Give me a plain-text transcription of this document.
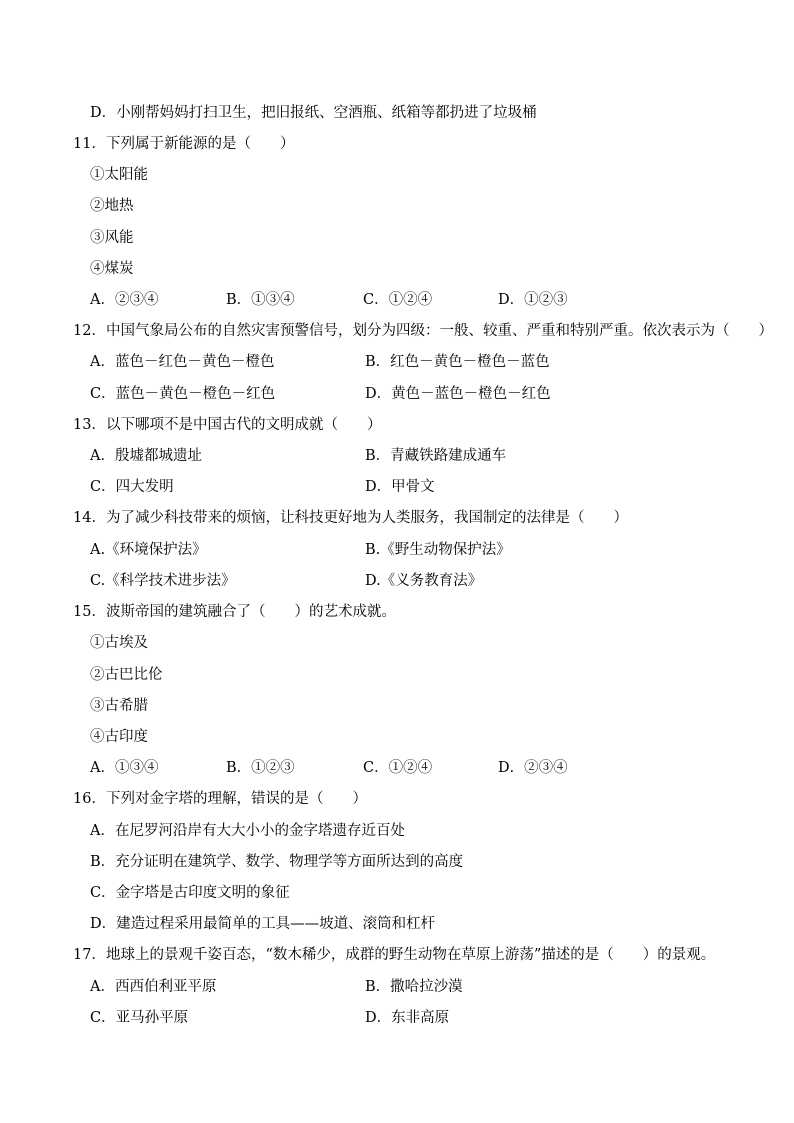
D．小刚帮妈妈打扫卫生，把旧报纸、空酒瓶、纸箱等都扔进了垃圾桶
11．下列属于新能源的是（　　）
①太阳能
②地热
③风能
④煤炭
A．②③④	B．①③④	C．①②④	D．①②③
12．中国气象局公布的自然灾害预警信号，划分为四级：一般、较重、严重和特别严重。依次表示为（　　）
A．蓝色－红色－黄色－橙色	B．红色－黄色－橙色－蓝色
C．蓝色－黄色－橙色－红色	D．黄色－蓝色－橙色－红色
13．以下哪项不是中国古代的文明成就（　　）
A．殷墟都城遗址	B．青藏铁路建成通车
C．四大发明	D．甲骨文
14．为了减少科技带来的烦恼，让科技更好地为人类服务，我国制定的法律是（　　）
A.《环境保护法》	B.《野生动物保护法》
C.《科学技术进步法》	D.《义务教育法》
15．波斯帝国的建筑融合了（　　）的艺术成就。
①古埃及
②古巴比伦
③古希腊
④古印度
A．①③④	B．①②③	C．①②④	D．②③④
16．下列对金字塔的理解，错误的是（　　）
A．在尼罗河沿岸有大大小小的金字塔遗存近百处
B．充分证明在建筑学、数学、物理学等方面所达到的高度
C．金字塔是古印度文明的象征
D．建造过程采用最简单的工具——坡道、滚筒和杠杆
17．地球上的景观千姿百态，“数木稀少，成群的野生动物在草原上游荡”描述的是（　　）的景观。
A．西西伯利亚平原	B．撒哈拉沙漠
C．亚马孙平原	D．东非高原
